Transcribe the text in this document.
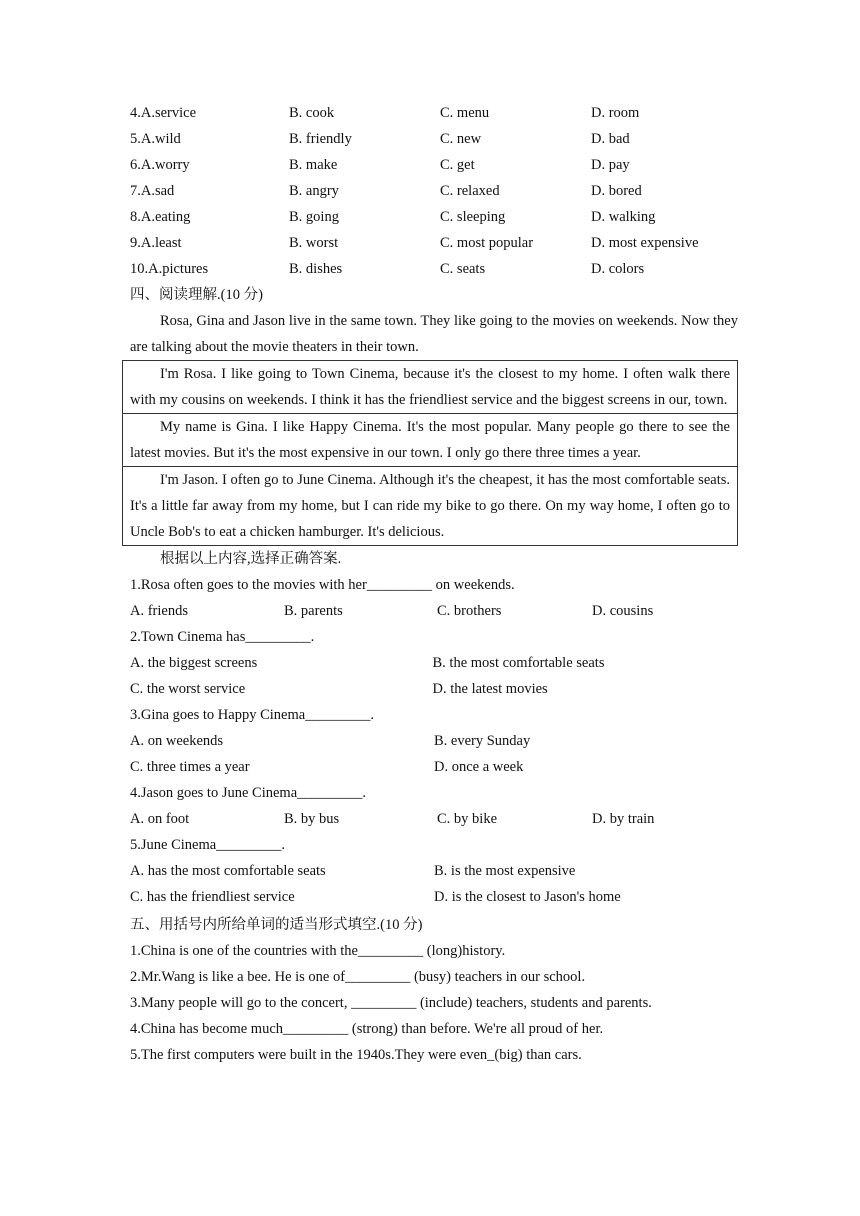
4.A.service	B. cook	C. menu	D. room
5.A.wild	B. friendly	C. new	D. bad
6.A.worry	B. make	C. get	D. pay
7.A.sad	B. angry	C. relaxed	D. bored
8.A.eating	B. going	C. sleeping	D. walking
9.A.least	B. worst	C. most popular	D. most expensive
10.A.pictures	B. dishes	C. seats	D. colors
四、阅读理解.(10 分)
Rosa, Gina and Jason live in the same town. They like going to the movies on weekends. Now they are talking about the movie theaters in their town.
I'm Rosa. I like going to Town Cinema, because it's the closest to my home. I often walk there with my cousins on weekends. I think it has the friendliest service and the biggest screens in our, town.
My name is Gina. I like Happy Cinema. It's the most popular. Many people go there to see the latest movies. But it's the most expensive in our town. I only go there three times a year.
I'm Jason. I often go to June Cinema. Although it's the cheapest, it has the most comfortable seats. It's a little far away from my home, but I can ride my bike to go there. On my way home, I often go to Uncle Bob's to eat a chicken hamburger. It's delicious.
根据以上内容,选择正确答案.
1.Rosa often goes to the movies with her_________ on weekends.
A. friends	B. parents	C. brothers	D. cousins
2.Town Cinema has_________.
A. the biggest screens	B. the most comfortable seats
C. the worst service	D. the latest movies
3.Gina goes to Happy Cinema_________.
A. on weekends	B. every Sunday
C. three times a year	D. once a week
4.Jason goes to June Cinema_________.
A. on foot	B. by bus	C. by bike	D. by train
5.June Cinema_________.
A. has the most comfortable seats	B. is the most expensive
C. has the friendliest service	D. is the closest to Jason's home
五、用括号内所给单词的适当形式填空.(10 分)
1.China is one of the countries with the_________ (long)history.
2.Mr.Wang is like a bee. He is one of_________ (busy) teachers in our school.
3.Many people will go to the concert, _________ (include) teachers, students and parents.
4.China has become much_________ (strong) than before. We're all proud of her.
5.The first computers were built in the 1940s.They were even_(big) than cars.
